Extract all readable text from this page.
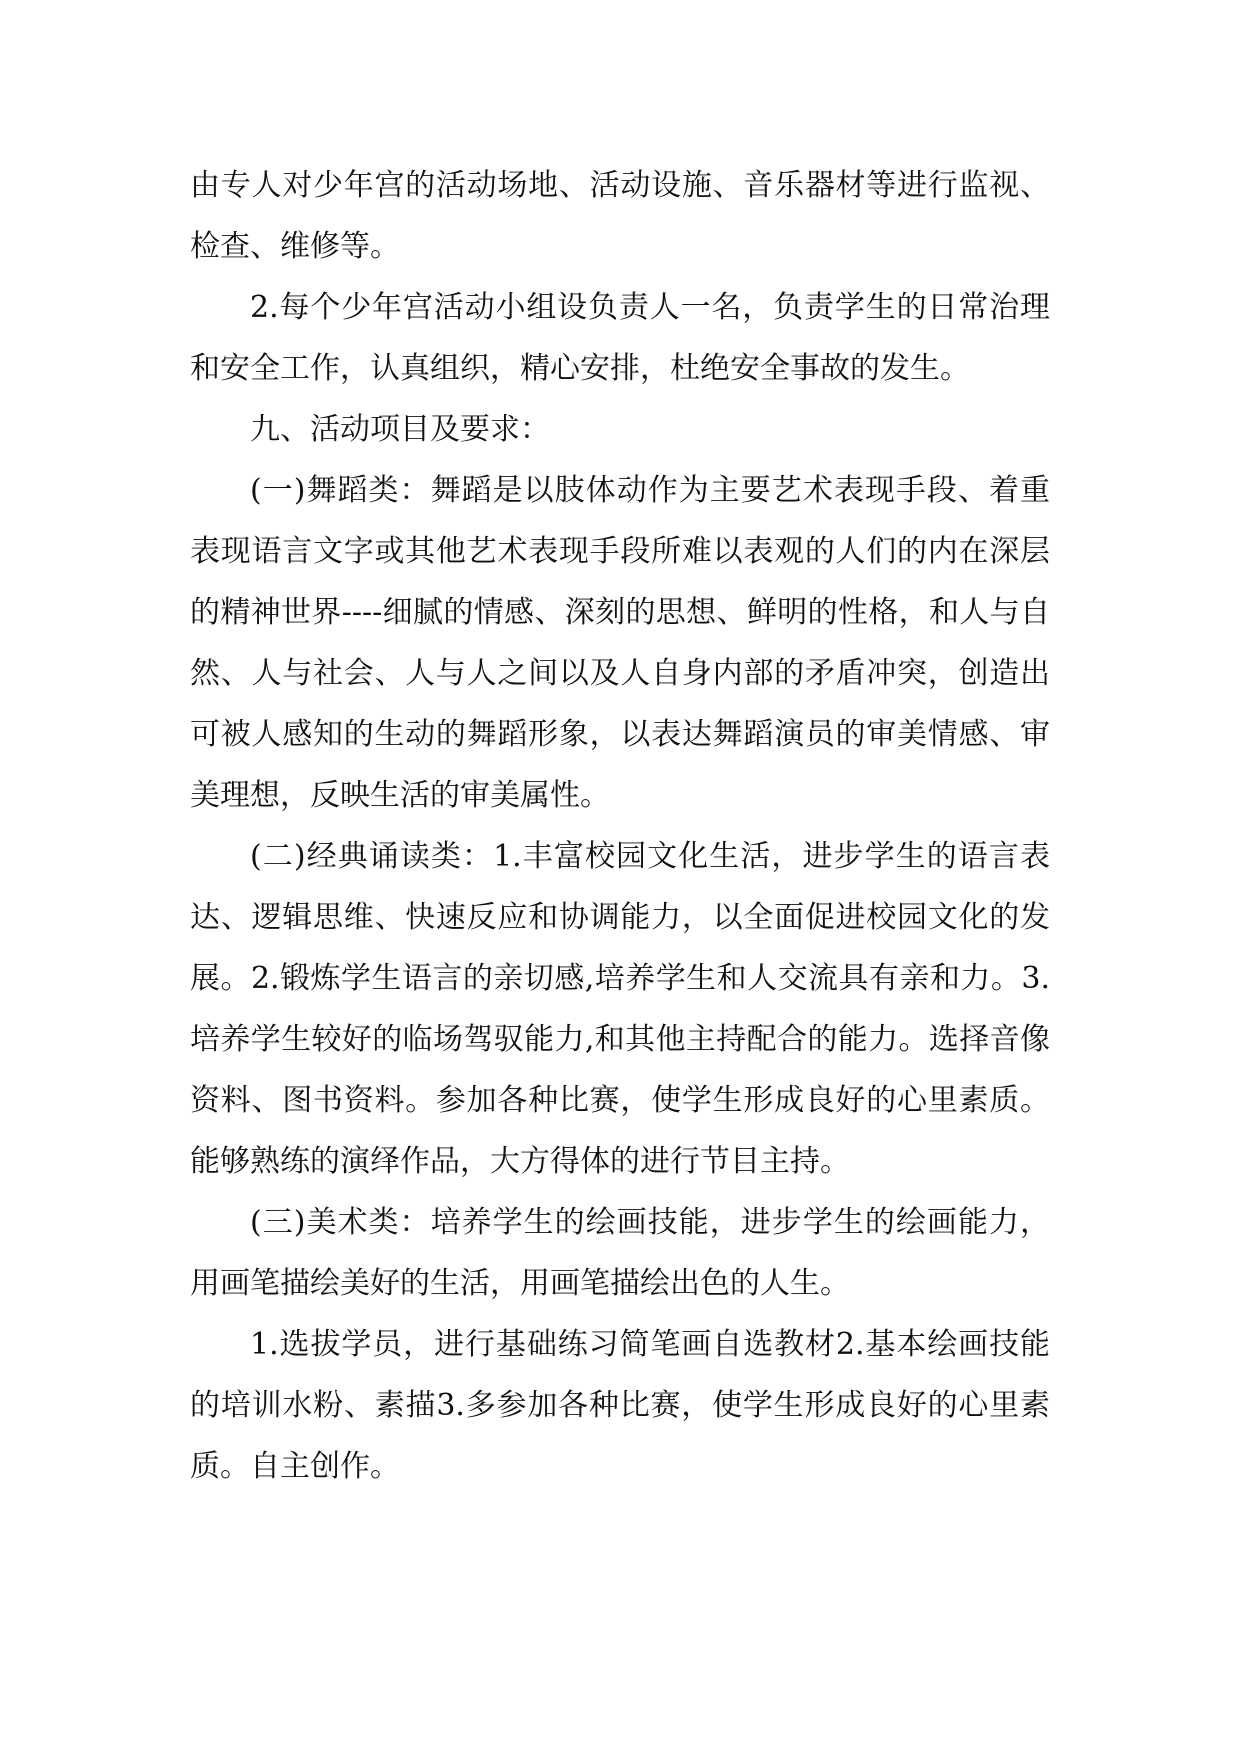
由专人对少年宫的活动场地、活动设施、音乐器材等进行监视、检查、维修等。

2.每个少年宫活动小组设负责人一名，负责学生的日常治理和安全工作，认真组织，精心安排，杜绝安全事故的发生。

九、活动项目及要求：

(一)舞蹈类：舞蹈是以肢体动作为主要艺术表现手段、着重表现语言文字或其他艺术表现手段所难以表观的人们的内在深层的精神世界----细腻的情感、深刻的思想、鲜明的性格，和人与自然、人与社会、人与人之间以及人自身内部的矛盾冲突，创造出可被人感知的生动的舞蹈形象，以表达舞蹈演员的审美情感、审美理想，反映生活的审美属性。

(二)经典诵读类：1.丰富校园文化生活，进步学生的语言表达、逻辑思维、快速反应和协调能力，以全面促进校园文化的发展。2.锻炼学生语言的亲切感,培养学生和人交流具有亲和力。3.培养学生较好的临场驾驭能力,和其他主持配合的能力。选择音像资料、图书资料。参加各种比赛，使学生形成良好的心里素质。能够熟练的演绎作品，大方得体的进行节目主持。

(三)美术类：培养学生的绘画技能，进步学生的绘画能力，用画笔描绘美好的生活，用画笔描绘出色的人生。

1.选拔学员，进行基础练习简笔画自选教材2.基本绘画技能的培训水粉、素描3.多参加各种比赛，使学生形成良好的心里素质。自主创作。
